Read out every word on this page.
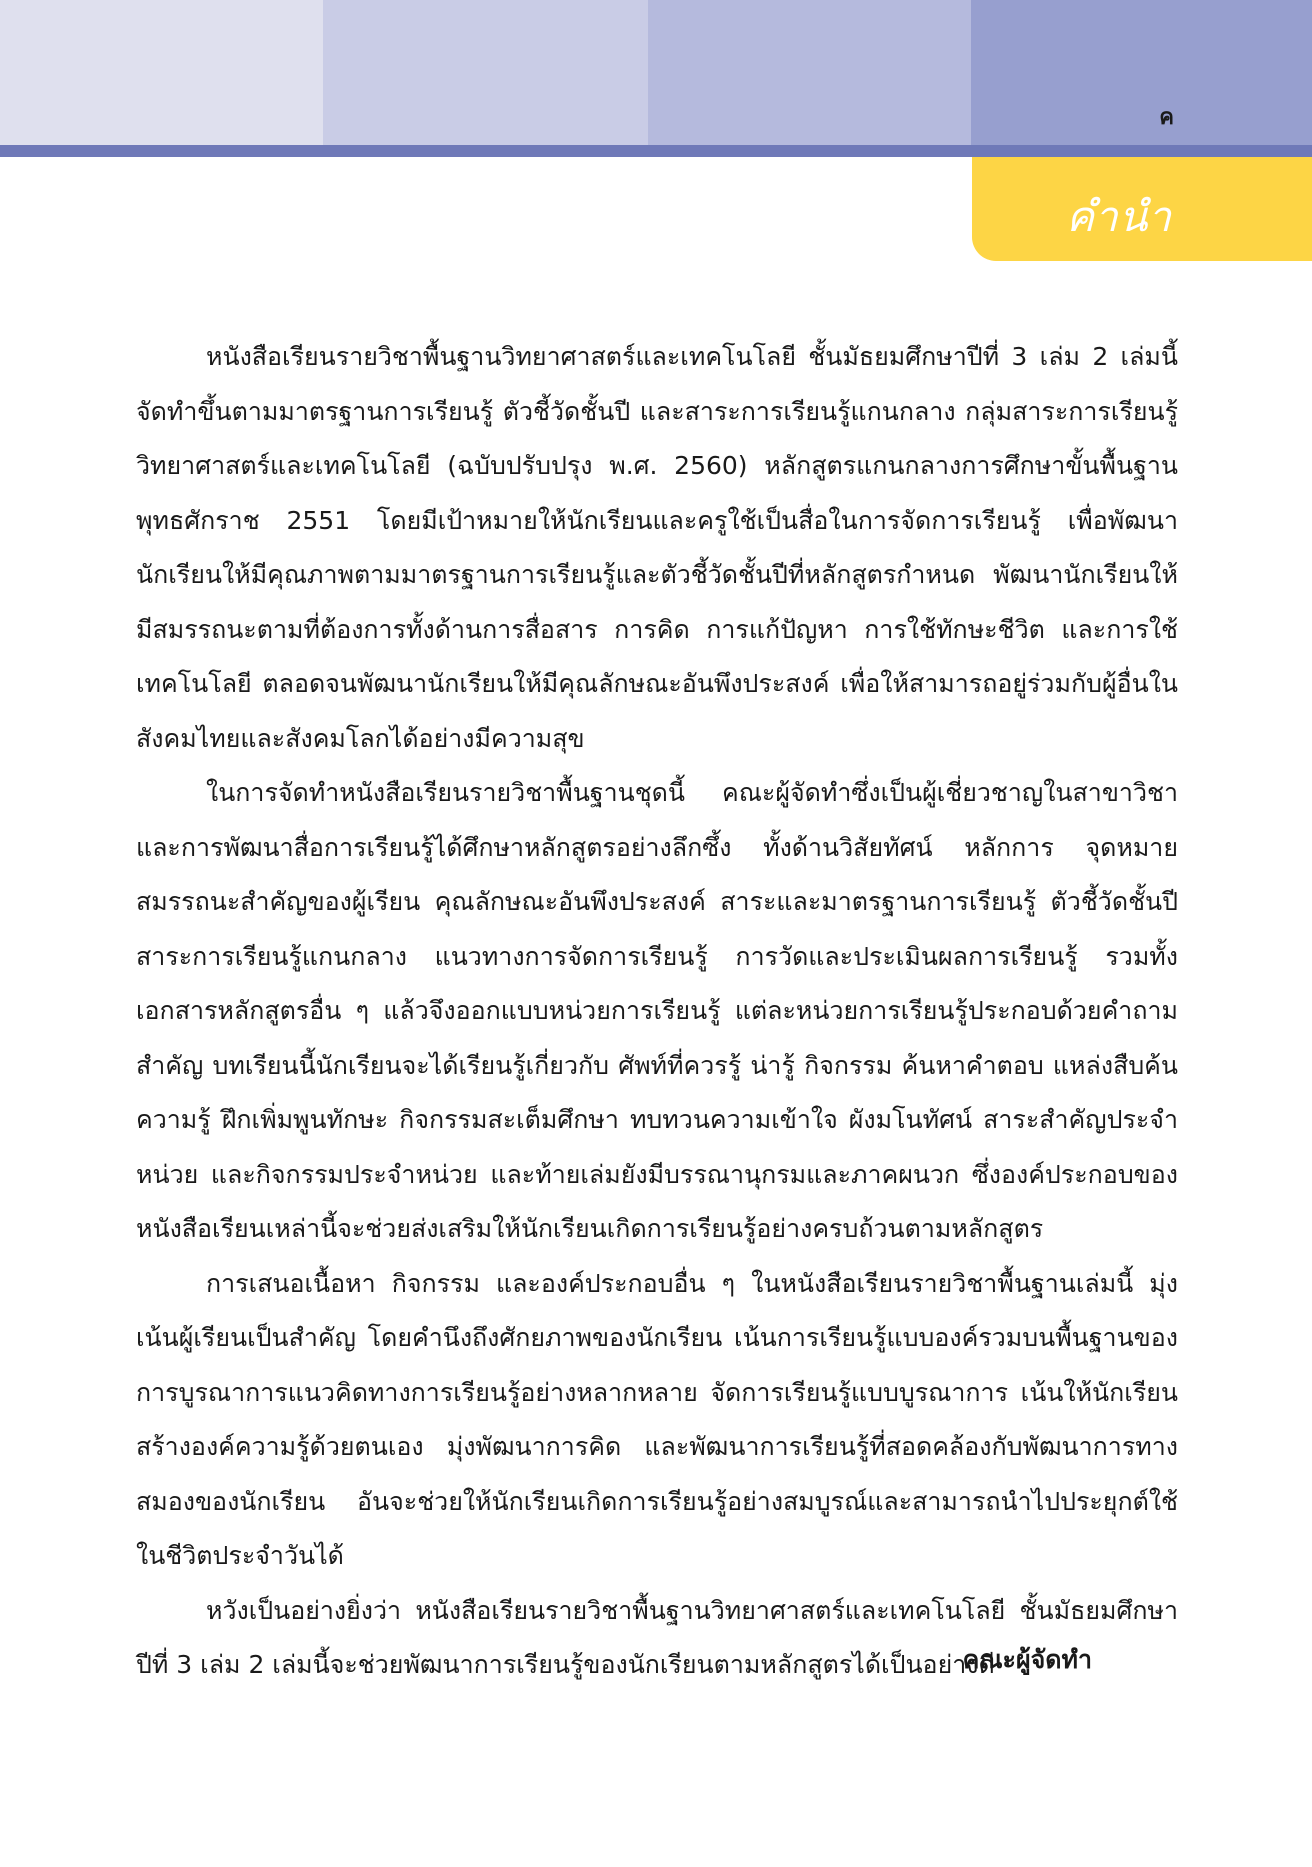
ค
คำนำ

หนังสือเรียนรายวิชาพื้นฐานวิทยาศาสตร์และเทคโนโลยี ชั้นมัธยมศึกษาปีที่ 3 เล่ม 2 เล่มนี้ จัดทำขึ้นตามมาตรฐานการเรียนรู้ ตัวชี้วัดชั้นปี และสาระการเรียนรู้แกนกลาง กลุ่มสาระการเรียนรู้วิทยาศาสตร์และเทคโนโลยี (ฉบับปรับปรุง พ.ศ. 2560) หลักสูตรแกนกลางการศึกษาขั้นพื้นฐาน พุทธศักราช 2551 โดยมีเป้าหมายให้นักเรียนและครูใช้เป็นสื่อในการจัดการเรียนรู้ เพื่อพัฒนานักเรียนให้มีคุณภาพตามมาตรฐานการเรียนรู้และตัวชี้วัดชั้นปีที่หลักสูตรกำหนด พัฒนานักเรียนให้มีสมรรถนะตามที่ต้องการทั้งด้านการสื่อสาร การคิด การแก้ปัญหา การใช้ทักษะชีวิต และการใช้เทคโนโลยี ตลอดจนพัฒนานักเรียนให้มีคุณลักษณะอันพึงประสงค์ เพื่อให้สามารถอยู่ร่วมกับผู้อื่นในสังคมไทยและสังคมโลกได้อย่างมีความสุข

ในการจัดทำหนังสือเรียนรายวิชาพื้นฐานชุดนี้ คณะผู้จัดทำซึ่งเป็นผู้เชี่ยวชาญในสาขาวิชาและการพัฒนาสื่อการเรียนรู้ได้ศึกษาหลักสูตรอย่างลึกซึ้ง ทั้งด้านวิสัยทัศน์ หลักการ จุดหมายสมรรถนะสำคัญของผู้เรียน คุณลักษณะอันพึงประสงค์ สาระและมาตรฐานการเรียนรู้ ตัวชี้วัดชั้นปี สาระการเรียนรู้แกนกลาง แนวทางการจัดการเรียนรู้ การวัดและประเมินผลการเรียนรู้ รวมทั้งเอกสารหลักสูตรอื่น ๆ แล้วจึงออกแบบหน่วยการเรียนรู้ แต่ละหน่วยการเรียนรู้ประกอบด้วยคำถามสำคัญ บทเรียนนี้นักเรียนจะได้เรียนรู้เกี่ยวกับ ศัพท์ที่ควรรู้ น่ารู้ กิจกรรม ค้นหาคำตอบ แหล่งสืบค้นความรู้ ฝึกเพิ่มพูนทักษะ กิจกรรมสะเต็มศึกษา ทบทวนความเข้าใจ ผังมโนทัศน์ สาระสำคัญประจำหน่วย และกิจกรรมประจำหน่วย และท้ายเล่มยังมีบรรณานุกรมและภาคผนวก ซึ่งองค์ประกอบของหนังสือเรียนเหล่านี้จะช่วยส่งเสริมให้นักเรียนเกิดการเรียนรู้อย่างครบถ้วนตามหลักสูตร

การเสนอเนื้อหา กิจกรรม และองค์ประกอบอื่น ๆ ในหนังสือเรียนรายวิชาพื้นฐานเล่มนี้ มุ่งเน้นผู้เรียนเป็นสำคัญ โดยคำนึงถึงศักยภาพของนักเรียน เน้นการเรียนรู้แบบองค์รวมบนพื้นฐานของการบูรณาการแนวคิดทางการเรียนรู้อย่างหลากหลาย จัดการเรียนรู้แบบบูรณาการ เน้นให้นักเรียนสร้างองค์ความรู้ด้วยตนเอง มุ่งพัฒนาการคิด และพัฒนาการเรียนรู้ที่สอดคล้องกับพัฒนาการทางสมองของนักเรียน อันจะช่วยให้นักเรียนเกิดการเรียนรู้อย่างสมบูรณ์และสามารถนำไปประยุกต์ใช้ในชีวิตประจำวันได้

หวังเป็นอย่างยิ่งว่า หนังสือเรียนรายวิชาพื้นฐานวิทยาศาสตร์และเทคโนโลยี ชั้นมัธยมศึกษาปีที่ 3 เล่ม 2 เล่มนี้จะช่วยพัฒนาการเรียนรู้ของนักเรียนตามหลักสูตรได้เป็นอย่างดี

คณะผู้จัดทำ
